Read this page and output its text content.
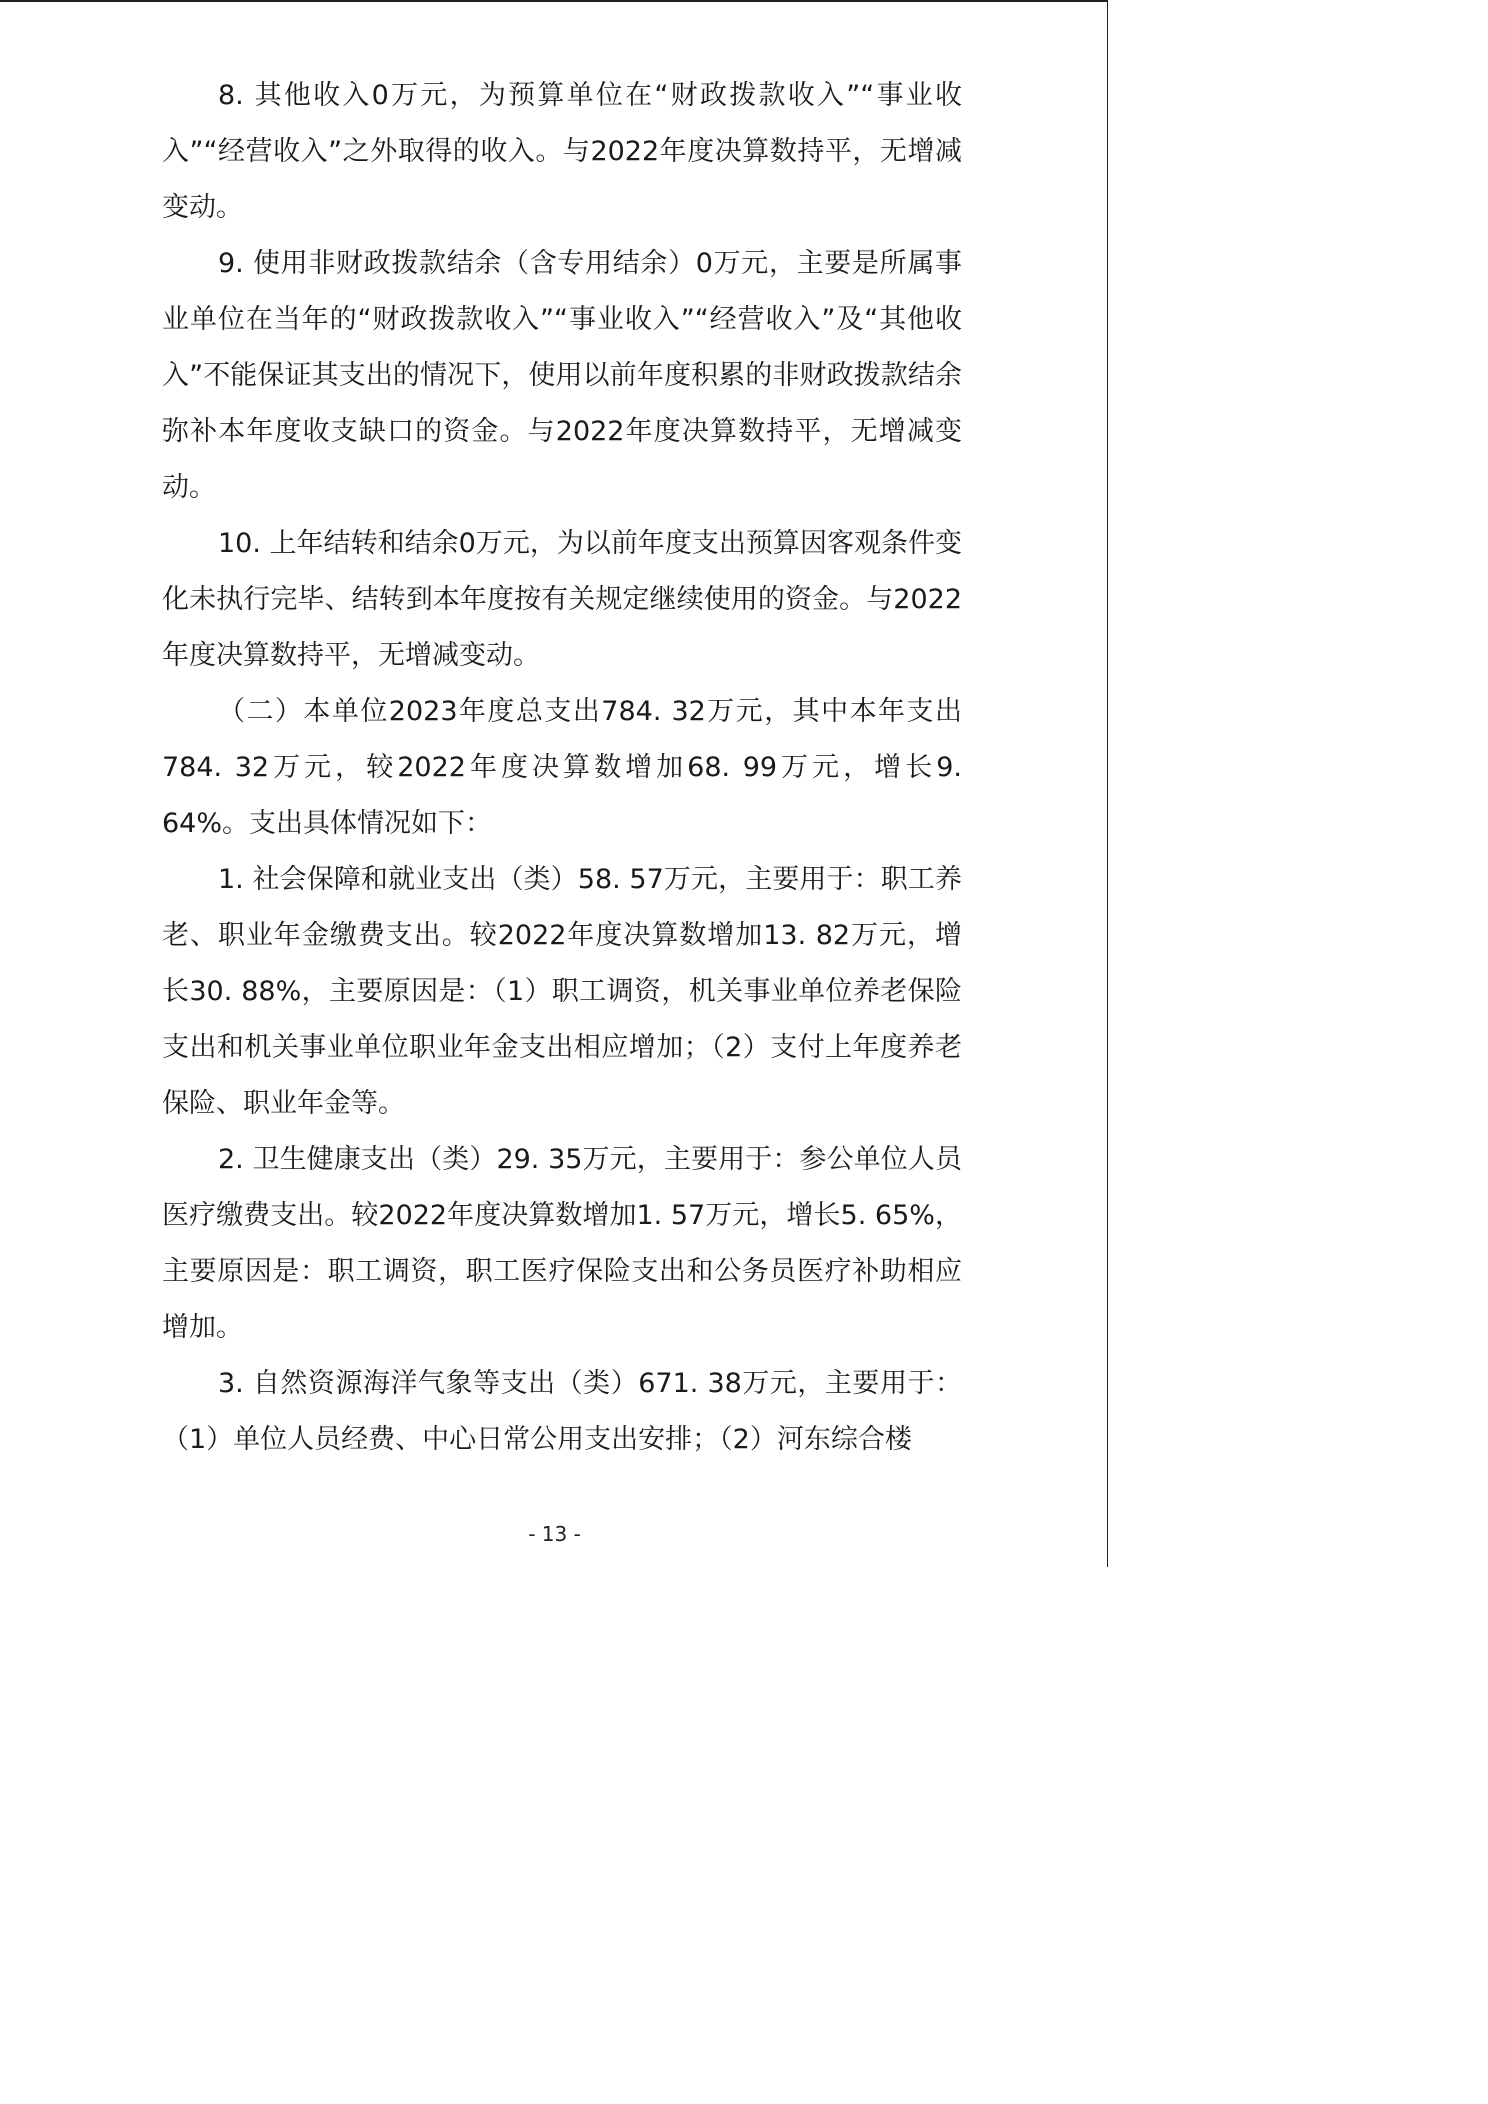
8. 其他收入0万元，为预算单位在“财政拨款收入”“事业收入”“经营收入”之外取得的收入。与2022年度决算数持平，无增减变动。

9. 使用非财政拨款结余（含专用结余）0万元，主要是所属事业单位在当年的“财政拨款收入”“事业收入”“经营收入”及“其他收入”不能保证其支出的情况下，使用以前年度积累的非财政拨款结余弥补本年度收支缺口的资金。与2022年度决算数持平，无增减变动。

10. 上年结转和结余0万元，为以前年度支出预算因客观条件变化未执行完毕、结转到本年度按有关规定继续使用的资金。与2022年度决算数持平，无增减变动。

（二）本单位2023年度总支出784. 32万元，其中本年支出784. 32万元，较2022年度决算数增加68. 99万元，增长9. 64%。支出具体情况如下：

1. 社会保障和就业支出（类）58. 57万元，主要用于：职工养老、职业年金缴费支出。较2022年度决算数增加13. 82万元，增长30. 88%，主要原因是：（1）职工调资，机关事业单位养老保险支出和机关事业单位职业年金支出相应增加；（2）支付上年度养老保险、职业年金等。

2. 卫生健康支出（类）29. 35万元，主要用于：参公单位人员医疗缴费支出。较2022年度决算数增加1. 57万元，增长5. 65%，主要原因是：职工调资，职工医疗保险支出和公务员医疗补助相应增加。

3. 自然资源海洋气象等支出（类）671. 38万元，主要用于：（1）单位人员经费、中心日常公用支出安排；（2）河东综合楼

- 13 -
